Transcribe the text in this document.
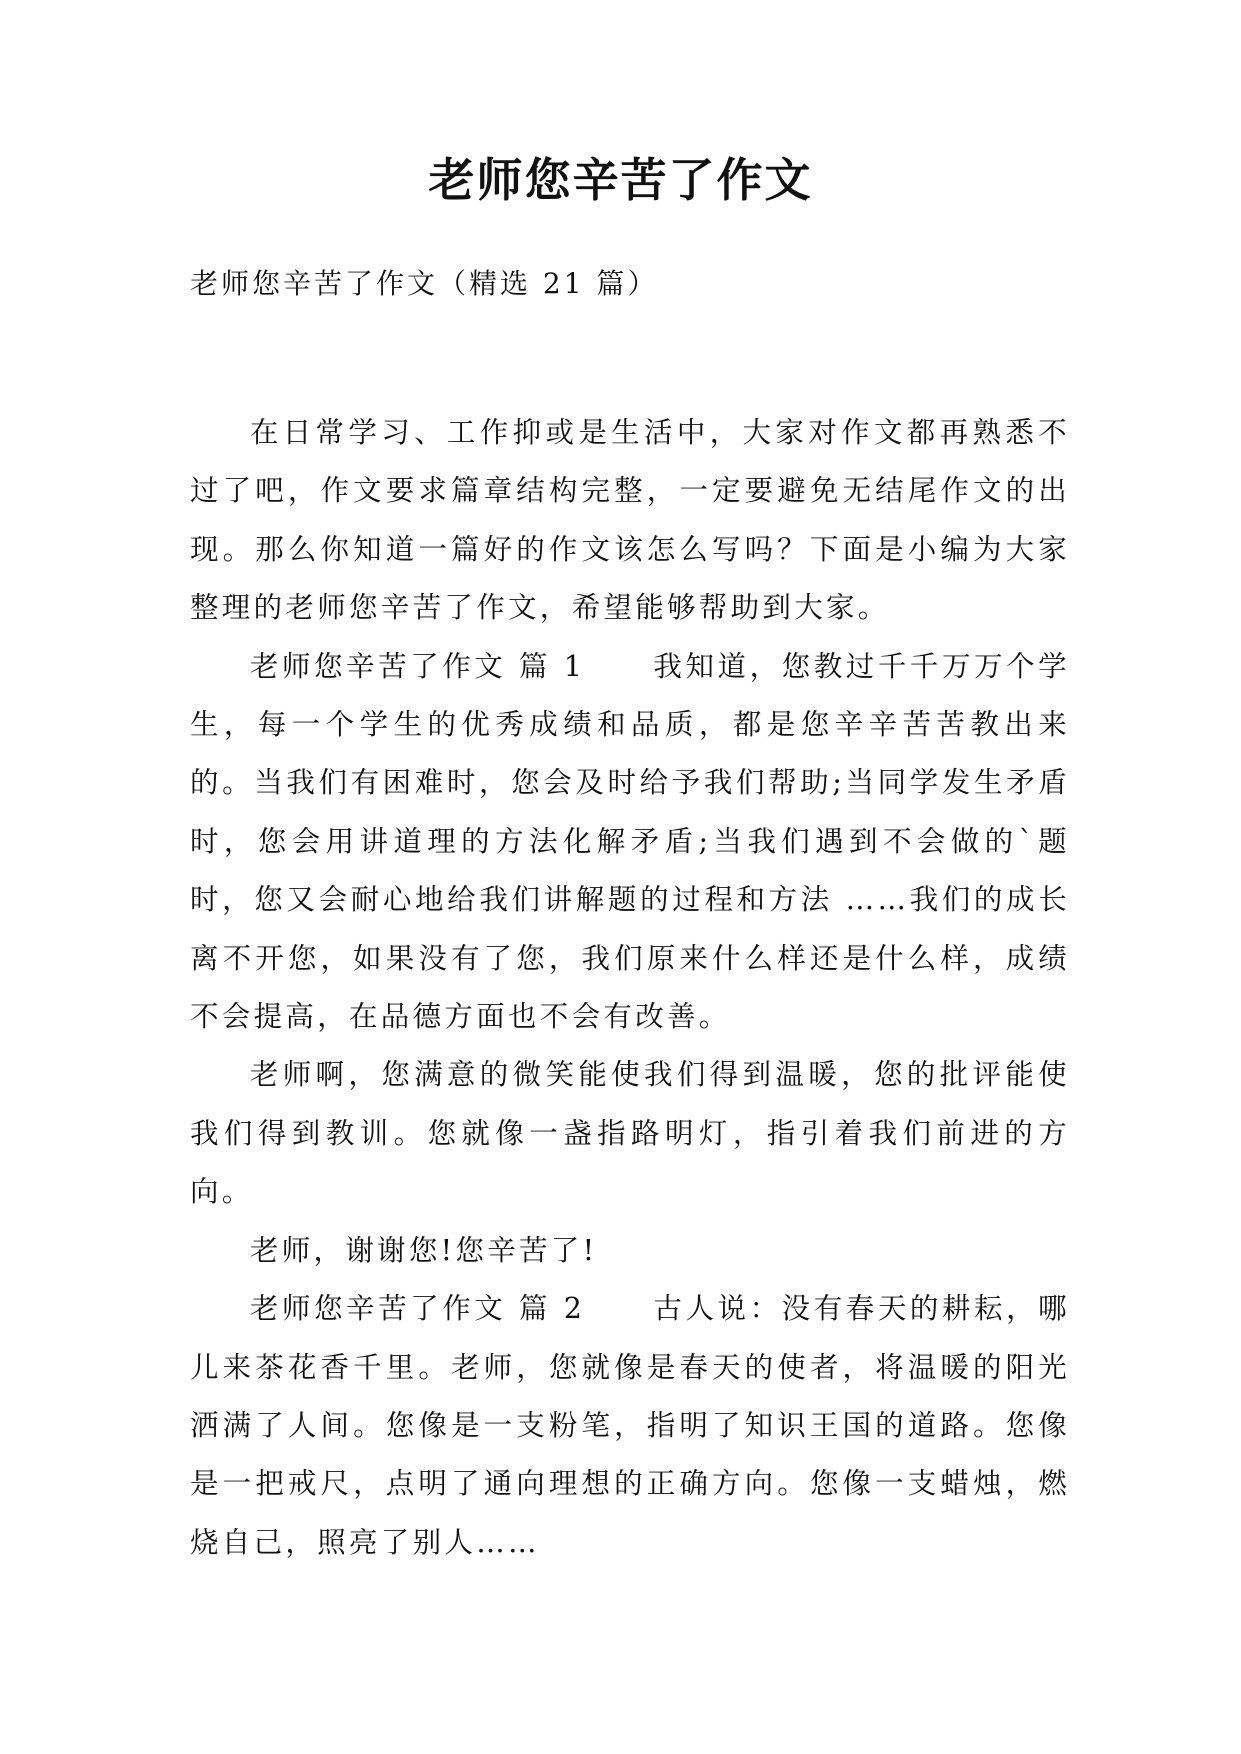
老师您辛苦了作文
老师您辛苦了作文（精选 21 篇）

在日常学习、工作抑或是生活中，大家对作文都再熟悉不过了吧，作文要求篇章结构完整，一定要避免无结尾作文的出现。那么你知道一篇好的作文该怎么写吗？下面是小编为大家整理的老师您辛苦了作文，希望能够帮助到大家。

老师您辛苦了作文 篇 1 我知道，您教过千千万万个学生，每一个学生的优秀成绩和品质，都是您辛辛苦苦教出来的。当我们有困难时，您会及时给予我们帮助;当同学发生矛盾时，您会用讲道理的方法化解矛盾;当我们遇到不会做的`题时，您又会耐心地给我们讲解题的过程和方法 ……我们的成长离不开您，如果没有了您，我们原来什么样还是什么样，成绩不会提高，在品德方面也不会有改善。

老师啊，您满意的微笑能使我们得到温暖，您的批评能使我们得到教训。您就像一盏指路明灯，指引着我们前进的方向。

老师，谢谢您!您辛苦了!

老师您辛苦了作文 篇 2 古人说：没有春天的耕耘，哪儿来茶花香千里。老师，您就像是春天的使者，将温暖的阳光洒满了人间。您像是一支粉笔，指明了知识王国的道路。您像是一把戒尺，点明了通向理想的正确方向。您像一支蜡烛，燃烧自己，照亮了别人……
